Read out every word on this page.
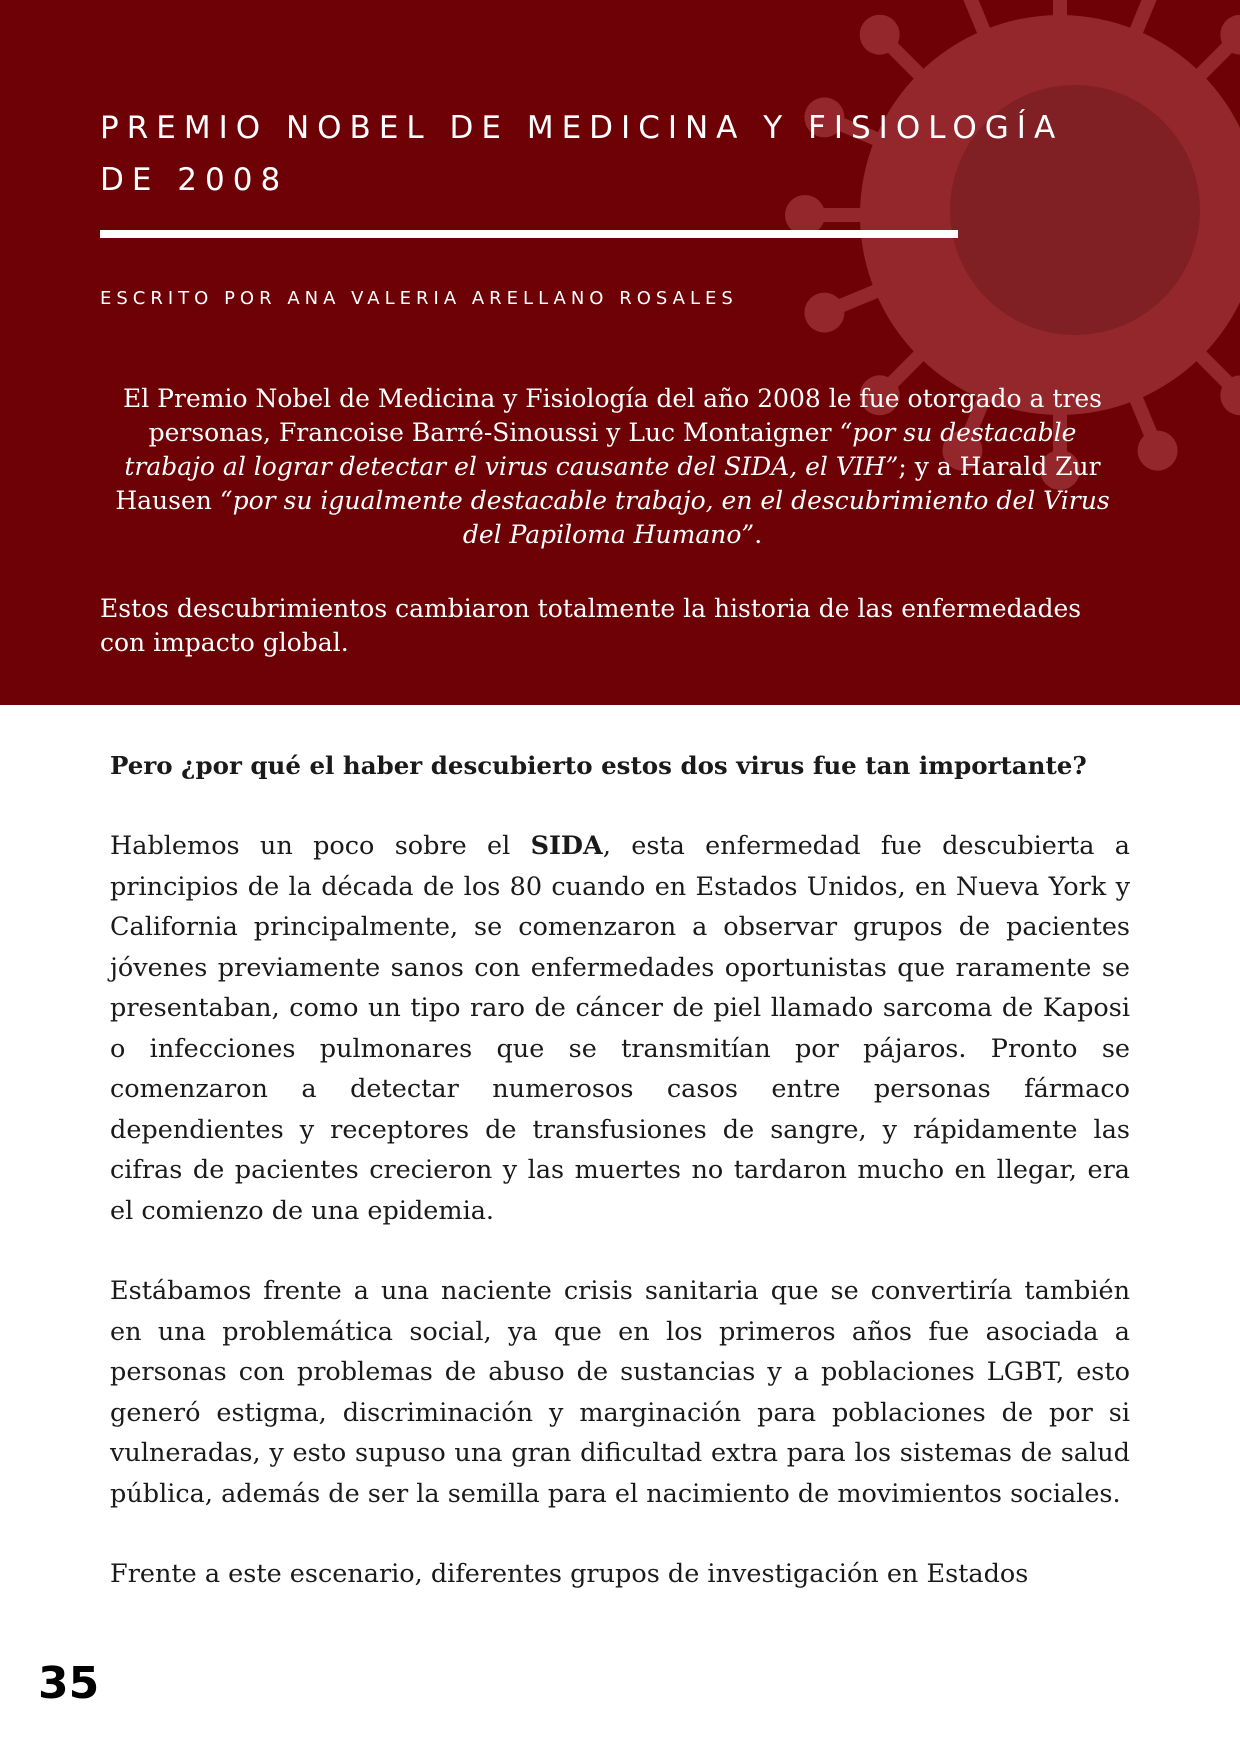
PREMIO NOBEL DE MEDICINA Y FISIOLOGÍA DE 2008

ESCRITO POR ANA VALERIA ARELLANO ROSALES

El Premio Nobel de Medicina y Fisiología del año 2008 le fue otorgado a tres personas, Francoise Barré-Sinoussi y Luc Montaigner “por su destacable trabajo al lograr detectar el virus causante del SIDA, el VIH”; y a Harald Zur Hausen “por su igualmente destacable trabajo, en el descubrimiento del Virus del Papiloma Humano”.

Estos descubrimientos cambiaron totalmente la historia de las enfermedades con impacto global.

Pero ¿por qué el haber descubierto estos dos virus fue tan importante?

Hablemos un poco sobre el SIDA, esta enfermedad fue descubierta a principios de la década de los 80 cuando en Estados Unidos, en Nueva York y California principalmente, se comenzaron a observar grupos de pacientes jóvenes previamente sanos con enfermedades oportunistas que raramente se presentaban, como un tipo raro de cáncer de piel llamado sarcoma de Kaposi o infecciones pulmonares que se transmitían por pájaros. Pronto se comenzaron a detectar numerosos casos entre personas fármaco dependientes y receptores de transfusiones de sangre, y rápidamente las cifras de pacientes crecieron y las muertes no tardaron mucho en llegar, era el comienzo de una epidemia.

Estábamos frente a una naciente crisis sanitaria que se convertiría también en una problemática social, ya que en los primeros años fue asociada a personas con problemas de abuso de sustancias y a poblaciones LGBT, esto generó estigma, discriminación y marginación para poblaciones de por si vulneradas, y esto supuso una gran dificultad extra para los sistemas de salud pública, además de ser la semilla para el nacimiento de movimientos sociales.

Frente a este escenario, diferentes grupos de investigación en Estados

35
